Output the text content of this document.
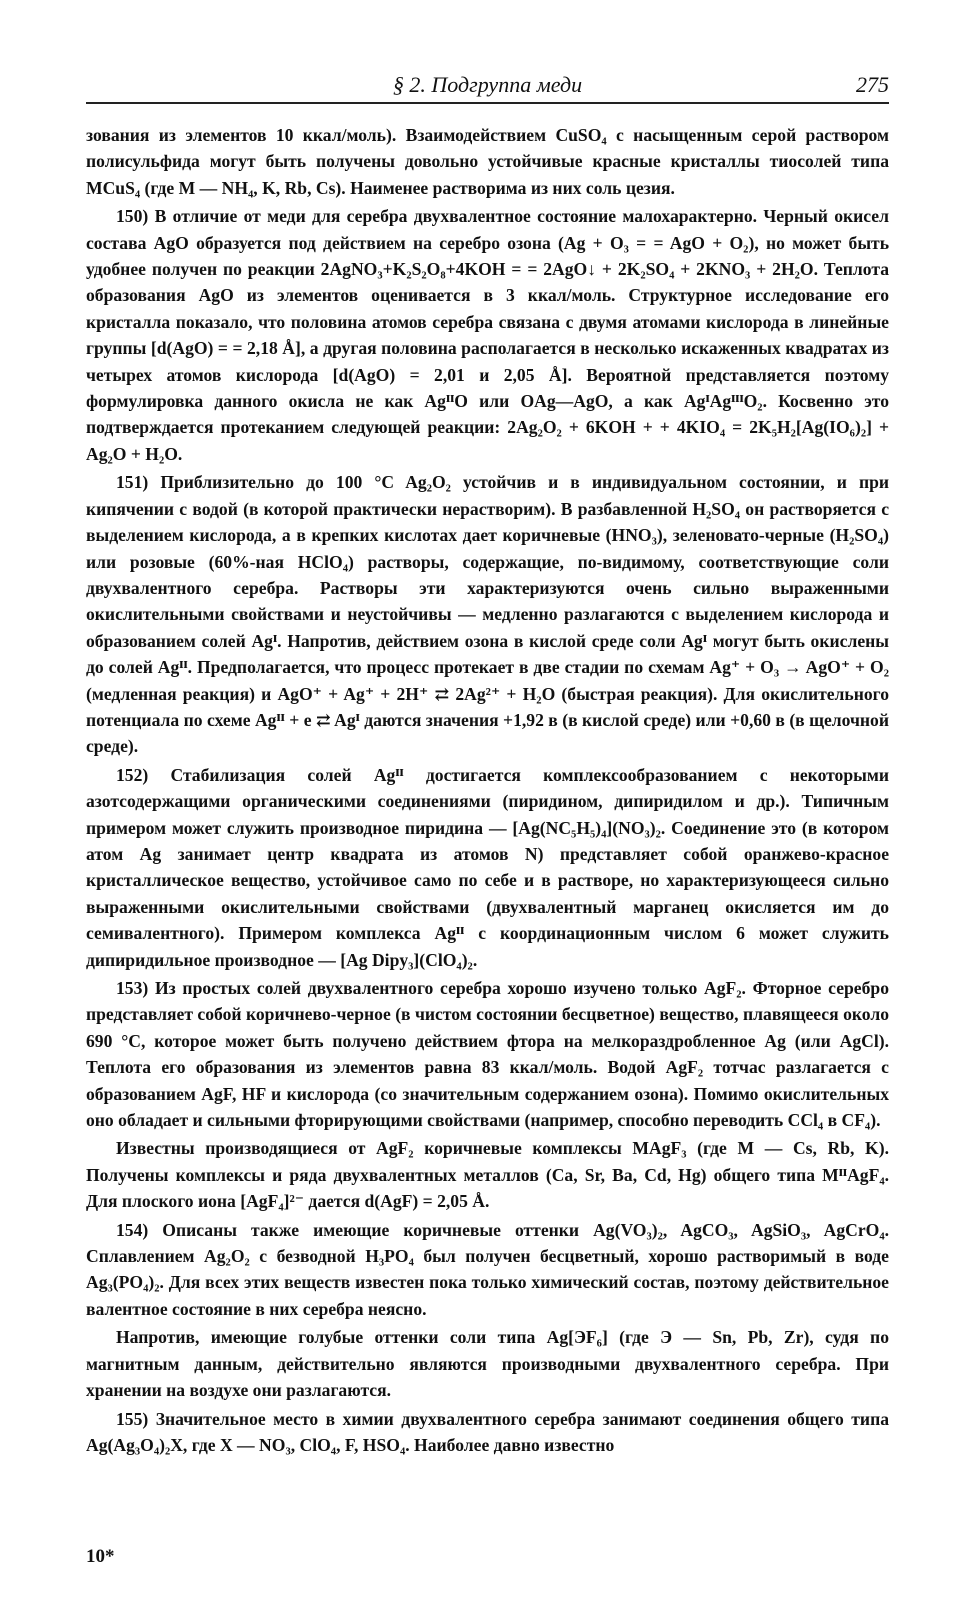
§ 2. Подгруппа меди	275

зования из элементов 10 ккал/моль). Взаимодействием CuSO₄ с насыщенным серой раствором полисульфида могут быть получены довольно устойчивые красные кристаллы тиосолей типа MCuS₄ (где M — NH₄, K, Rb, Cs). Наименее растворима из них соль цезия.

150) В отличие от меди для серебра двухвалентное состояние малохарактерно. Черный окисел состава AgO образуется под действием на серебро озона (Ag + O₃ = = AgO + O₂), но может быть удобнее получен по реакции 2AgNO₃+K₂S₂O₈+4KOH = = 2AgO↓ + 2K₂SO₄ + 2KNO₃ + 2H₂O. Теплота образования AgO из элементов оценивается в 3 ккал/моль. Структурное исследование его кристалла показало, что половина атомов серебра связана с двумя атомами кислорода в линейные группы [d(AgO) = = 2,18 Å], а другая половина располагается в несколько искаженных квадратах из четырех атомов кислорода [d(AgO) = 2,01 и 2,05 Å]. Вероятной представляется поэтому формулировка данного окисла не как AgᴵᴵO или OAg—AgO, а как AgᴵAgᴵᴵᴵO₂. Косвенно это подтверждается протеканием следующей реакции: 2Ag₂O₂ + 6KOH + + 4KIO₄ = 2K₅H₂[Ag(IO₆)₂] + Ag₂O + H₂O.

151) Приблизительно до 100 °C Ag₂O₂ устойчив и в индивидуальном состоянии, и при кипячении с водой (в которой практически нерастворим). В разбавленной H₂SO₄ он растворяется с выделением кислорода, а в крепких кислотах дает коричневые (HNO₃), зеленовато-черные (H₂SO₄) или розовые (60%-ная HClO₄) растворы, содержащие, по-видимому, соответствующие соли двухвалентного серебра. Растворы эти характеризуются очень сильно выраженными окислительными свойствами и неустойчивы — медленно разлагаются с выделением кислорода и образованием солей Agᴵ. Напротив, действием озона в кислой среде соли Agᴵ могут быть окислены до солей Agᴵᴵ. Предполагается, что процесс протекает в две стадии по схемам Ag⁺ + O₃ → AgO⁺ + O₂ (медленная реакция) и AgO⁺ + Ag⁺ + 2H⁺ ⇄ 2Ag²⁺ + H₂O (быстрая реакция). Для окислительного потенциала по схеме Agᴵᴵ + e ⇄ Agᴵ даются значения +1,92 в (в кислой среде) или +0,60 в (в щелочной среде).

152) Стабилизация солей Agᴵᴵ достигается комплексообразованием с некоторыми азотсодержащими органическими соединениями (пиридином, дипиридилом и др.). Типичным примером может служить производное пиридина — [Ag(NC₅H₅)₄](NO₃)₂. Соединение это (в котором атом Ag занимает центр квадрата из атомов N) представляет собой оранжево-красное кристаллическое вещество, устойчивое само по себе и в растворе, но характеризующееся сильно выраженными окислительными свойствами (двухвалентный марганец окисляется им до семивалентного). Примером комплекса Agᴵᴵ с координационным числом 6 может служить дипиридильное производное — [Ag Dipy₃](ClO₄)₂.

153) Из простых солей двухвалентного серебра хорошо изучено только AgF₂. Фторное серебро представляет собой коричнево-черное (в чистом состоянии бесцветное) вещество, плавящееся около 690 °C, которое может быть получено действием фтора на мелкораздробленное Ag (или AgCl). Теплота его образования из элементов равна 83 ккал/моль. Водой AgF₂ тотчас разлагается с образованием AgF, HF и кислорода (со значительным содержанием озона). Помимо окислительных оно обладает и сильными фторирующими свойствами (например, способно переводить CCl₄ в CF₄).

Известны производящиеся от AgF₂ коричневые комплексы MAgF₃ (где M — Cs, Rb, K). Получены комплексы и ряда двухвалентных металлов (Ca, Sr, Ba, Cd, Hg) общего типа MᴵᴵAgF₄. Для плоского иона [AgF₄]²⁻ дается d(AgF) = 2,05 Å.

154) Описаны также имеющие коричневые оттенки Ag(VO₃)₂, AgCO₃, AgSiO₃, AgCrO₄. Сплавлением Ag₂O₂ с безводной H₃PO₄ был получен бесцветный, хорошо растворимый в воде Ag₃(PO₄)₂. Для всех этих веществ известен пока только химический состав, поэтому действительное валентное состояние в них серебра неясно.

Напротив, имеющие голубые оттенки соли типа Ag[ЭF₆] (где Э — Sn, Pb, Zr), судя по магнитным данным, действительно являются производными двухвалентного серебра. При хранении на воздухе они разлагаются.

155) Значительное место в химии двухвалентного серебра занимают соединения общего типа Ag(Ag₃O₄)₂X, где X — NO₃, ClO₄, F, HSO₄. Наиболее давно известно

10*
